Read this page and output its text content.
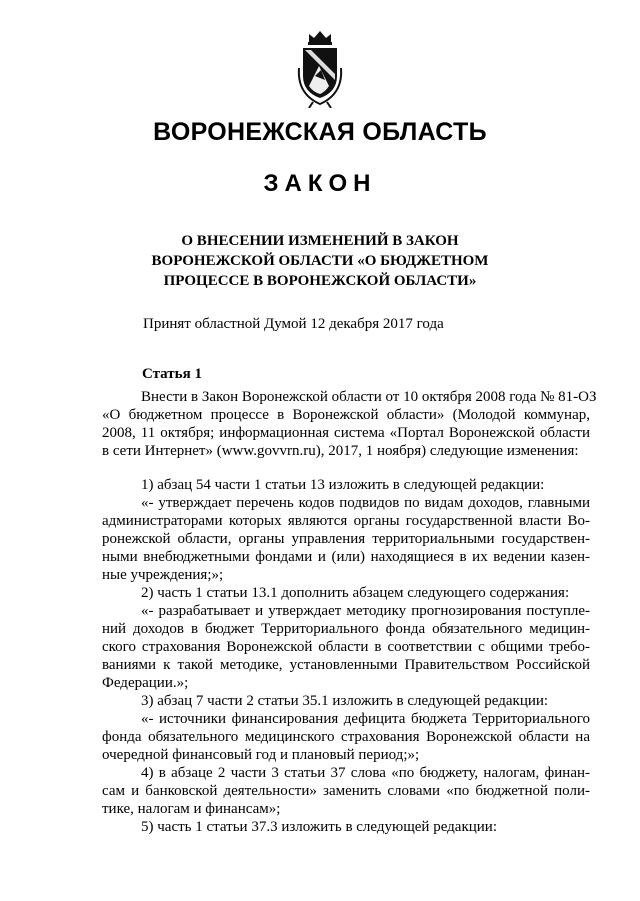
ВОРОНЕЖСКАЯ ОБЛАСТЬ
ЗАКОН
О ВНЕСЕНИИ ИЗМЕНЕНИЙ В ЗАКОН
ВОРОНЕЖСКОЙ ОБЛАСТИ «О БЮДЖЕТНОМ
ПРОЦЕССЕ В ВОРОНЕЖСКОЙ ОБЛАСТИ»
Принят областной Думой 12 декабря 2017 года
Статья 1
Внести в Закон Воронежской области от 10 октября 2008 года № 81-ОЗ
«О бюджетном процессе в Воронежской области» (Молодой коммунар,
2008, 11 октября; информационная система «Портал Воронежской области
в сети Интернет» (www.govvrn.ru), 2017, 1 ноября) следующие изменения:
1) абзац 54 части 1 статьи 13 изложить в следующей редакции:
«- утверждает перечень кодов подвидов по видам доходов, главными
администраторами которых являются органы государственной власти Во-
ронежской области, органы управления территориальными государствен-
ными внебюджетными фондами и (или) находящиеся в их ведении казен-
ные учреждения;»;
2) часть 1 статьи 13.1 дополнить абзацем следующего содержания:
«- разрабатывает и утверждает методику прогнозирования поступле-
ний доходов в бюджет Территориального фонда обязательного медицин-
ского страхования Воронежской области в соответствии с общими требо-
ваниями к такой методике, установленными Правительством Российской
Федерации.»;
3) абзац 7 части 2 статьи 35.1 изложить в следующей редакции:
«- источники финансирования дефицита бюджета Территориального
фонда обязательного медицинского страхования Воронежской области на
очередной финансовый год и плановый период;»;
4) в абзаце 2 части 3 статьи 37 слова «по бюджету, налогам, финан-
сам и банковской деятельности» заменить словами «по бюджетной поли-
тике, налогам и финансам»;
5) часть 1 статьи 37.3 изложить в следующей редакции:
